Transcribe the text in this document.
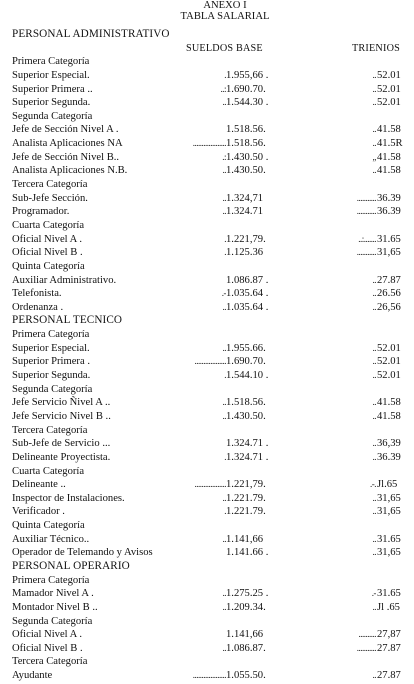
ANEXO I
TABLA SALARIAL
SUELDOS BASE	TRIENIOS
PERSONAL ADMINISTRATIVO
Primera Categoría
Superior Especial.	. 1.955,66 .	.. 52.01
Superior Primera ..	..: 1.690.70.	.. 52.01
Superior Segunda.	.. 1.544.30 .	.. 52.01
Segunda Categoría
Jefe de Sección Nivel A .	1.518.56.	.. 41.58
Analista Aplicaciones NA	................... 1.518.56.	.. 41.5R
Jefe de Sección Nivel B..	.: 1.430.50 .	,, 41.58
Analista Aplicaciones N.B.	.. 1.430.50.	.. 41.58
Tercera Categoría
Sub-Jefe Sección.	.. 1.324,71	........... 36.39
Programador.	.. 1.324.71	........... 36.39
Cuarta Categoría
Oficial Nivel A .	. 1.221,79.	..:....... 31.65
Oficial Nivel B .	. 1.125.36	........... 31,65
Quinta Categoría
Auxiliar Administrativo.	1.086.87 .	.. 27.87
Telefonista.	.- 1.035.64 .	.. 26.56
Ordenanza .	.. 1.035.64 .	.. 26,56
PERSONAL TECNICO
Primera Categoría
Superior Especial.	.. 1.955.66.	.. 52.01
Superior Primera .	.................. 1.690.70.	.. 52.01
Superior Segunda.	. 1.544.10 .	.. 52.01
Segunda Categoría
Jefe Servicio Ñivel A ..	.. 1.518.56.	.. 41.58
Jefe Servicio Nivel B ..	.. 1.430.50.	.. 41.58
Tercera Categoría
Sub-Jefe de Servicio ...	1.324.71 .	.. 36,39
Delineante Proyectista.	. 1.324.71 .	.. 36.39
Cuarta Categoría
Delineante ..	.................. 1.221,79.	.-. Jl.65
Inspector de Instalaciones.	.. 1.221.79.	.. 31,65
Verificador .	. 1.221.79.	.. 31,65
Quinta Categoría
Auxiliar Técnico..	.. 1.141,66	.. 31.65
Operador de Telemando y Avisos	1.141.66 .	.. 31,65
PERSONAL OPERARIO
Primera Categoría
Mamador Nivel A .	.. 1.275.25 .	.- 31.65
Montador Nivel B ..	.. 1.209.34.	.. Jl .65
Segunda Categoría
Oficial Nivel A .	1.141,66	.......... 27,87
Oficial Nivel B .	.. 1.086.87.	........... 27.87
Tercera Categoría
Ayudante	................... 1.055.50.	.. 27.87
